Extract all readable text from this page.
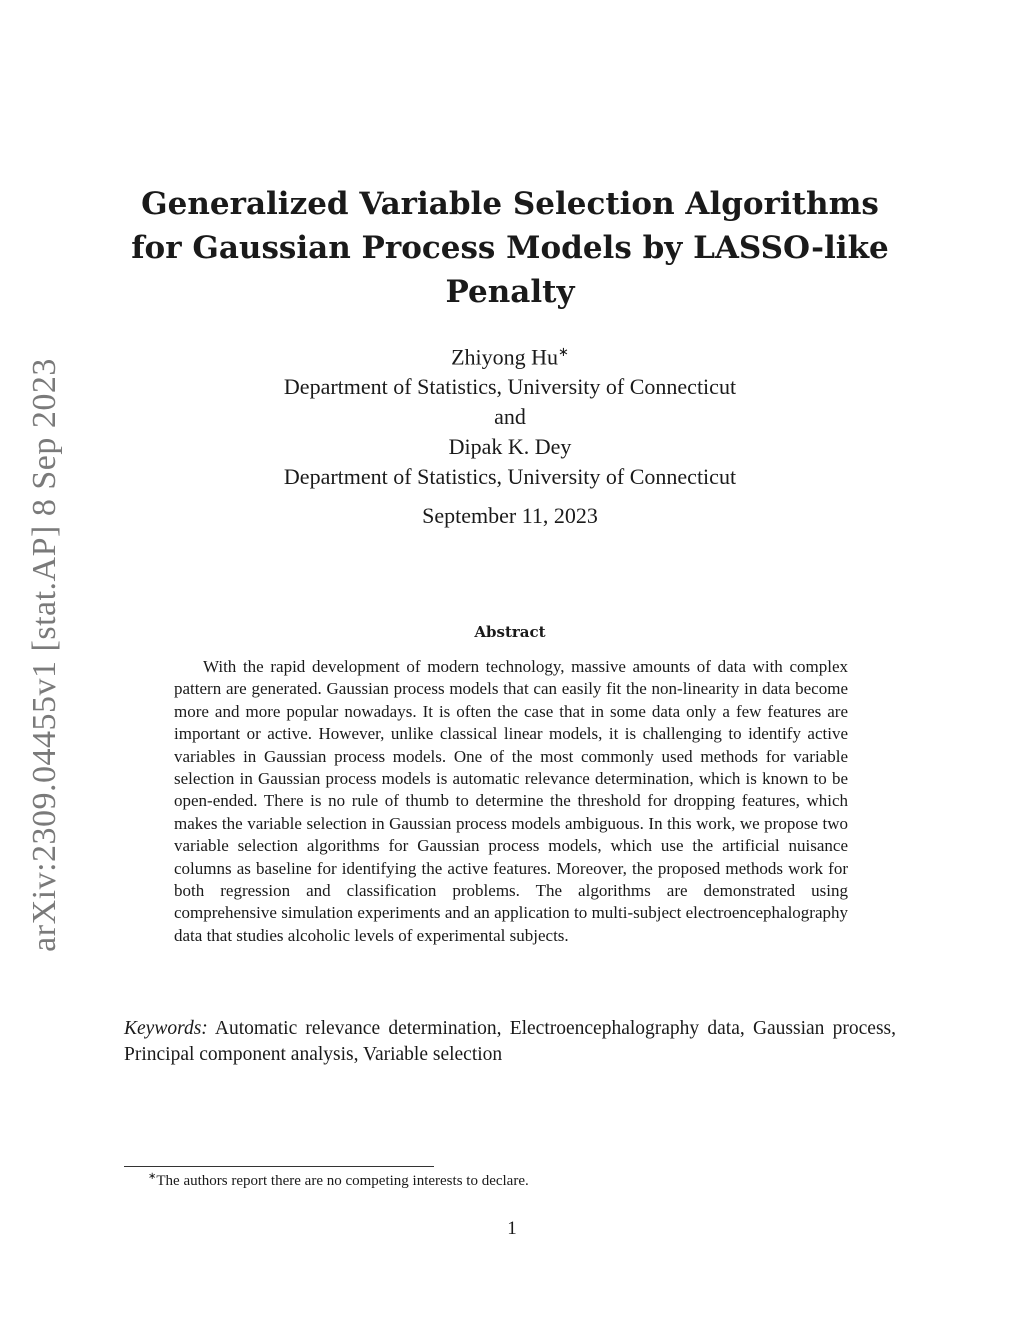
arXiv:2309.04455v1 [stat.AP] 8 Sep 2023
Generalized Variable Selection Algorithms
for Gaussian Process Models by LASSO-like
Penalty
Zhiyong Hu∗
Department of Statistics, University of Connecticut
and
Dipak K. Dey
Department of Statistics, University of Connecticut
September 11, 2023
Abstract

With the rapid development of modern technology, massive amounts of data with complex pattern are generated. Gaussian process models that can easily fit the non-linearity in data become more and more popular nowadays. It is often the case that in some data only a few features are important or active. However, unlike classical linear models, it is challenging to identify active variables in Gaussian process models. One of the most commonly used methods for variable selection in Gaussian process models is automatic relevance determination, which is known to be open-ended. There is no rule of thumb to determine the threshold for dropping features, which makes the variable selection in Gaussian process models ambiguous. In this work, we propose two variable selection algorithms for Gaussian process models, which use the artificial nuisance columns as baseline for identifying the active features. Moreover, the proposed methods work for both regression and classification problems. The algorithms are demonstrated using comprehensive simulation experiments and an application to multi-subject electroencephalography data that studies alcoholic levels of experimental subjects.

Keywords: Automatic relevance determination, Electroencephalography data, Gaussian process, Principal component analysis, Variable selection

∗The authors report there are no competing interests to declare.
1
